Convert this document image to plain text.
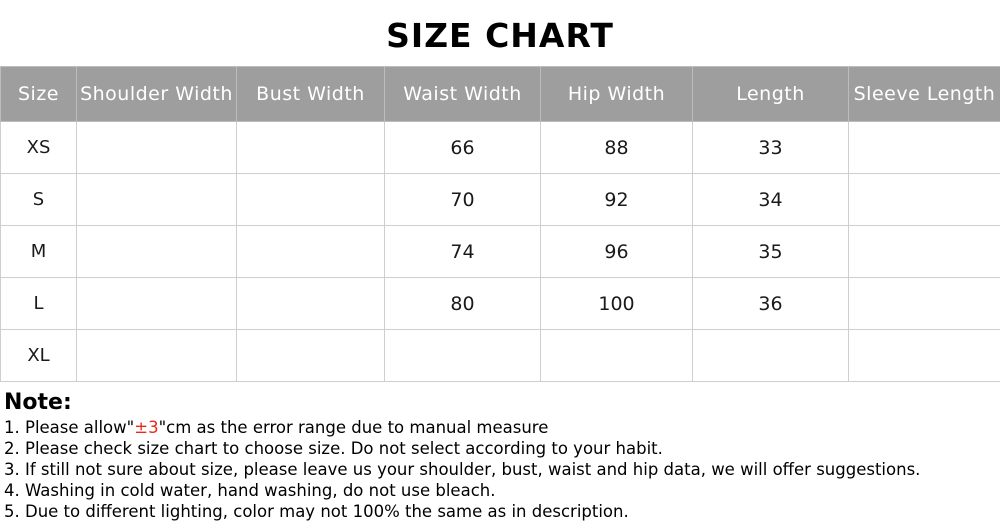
SIZE CHART
Size	Shoulder Width	Bust Width	Waist Width	Hip Width	Length	Sleeve Length
XS			66	88	33	
S			70	92	34	
M			74	96	35	
L			80	100	36	
XL						
Note:
1. Please allow"±3"cm as the error range due to manual measure
2. Please check size chart to choose size. Do not select according to your habit.
3. If still not sure about size, please leave us your shoulder, bust, waist and hip data, we will offer suggestions.
4. Washing in cold water, hand washing, do not use bleach.
5. Due to different lighting, color may not 100% the same as in description.
